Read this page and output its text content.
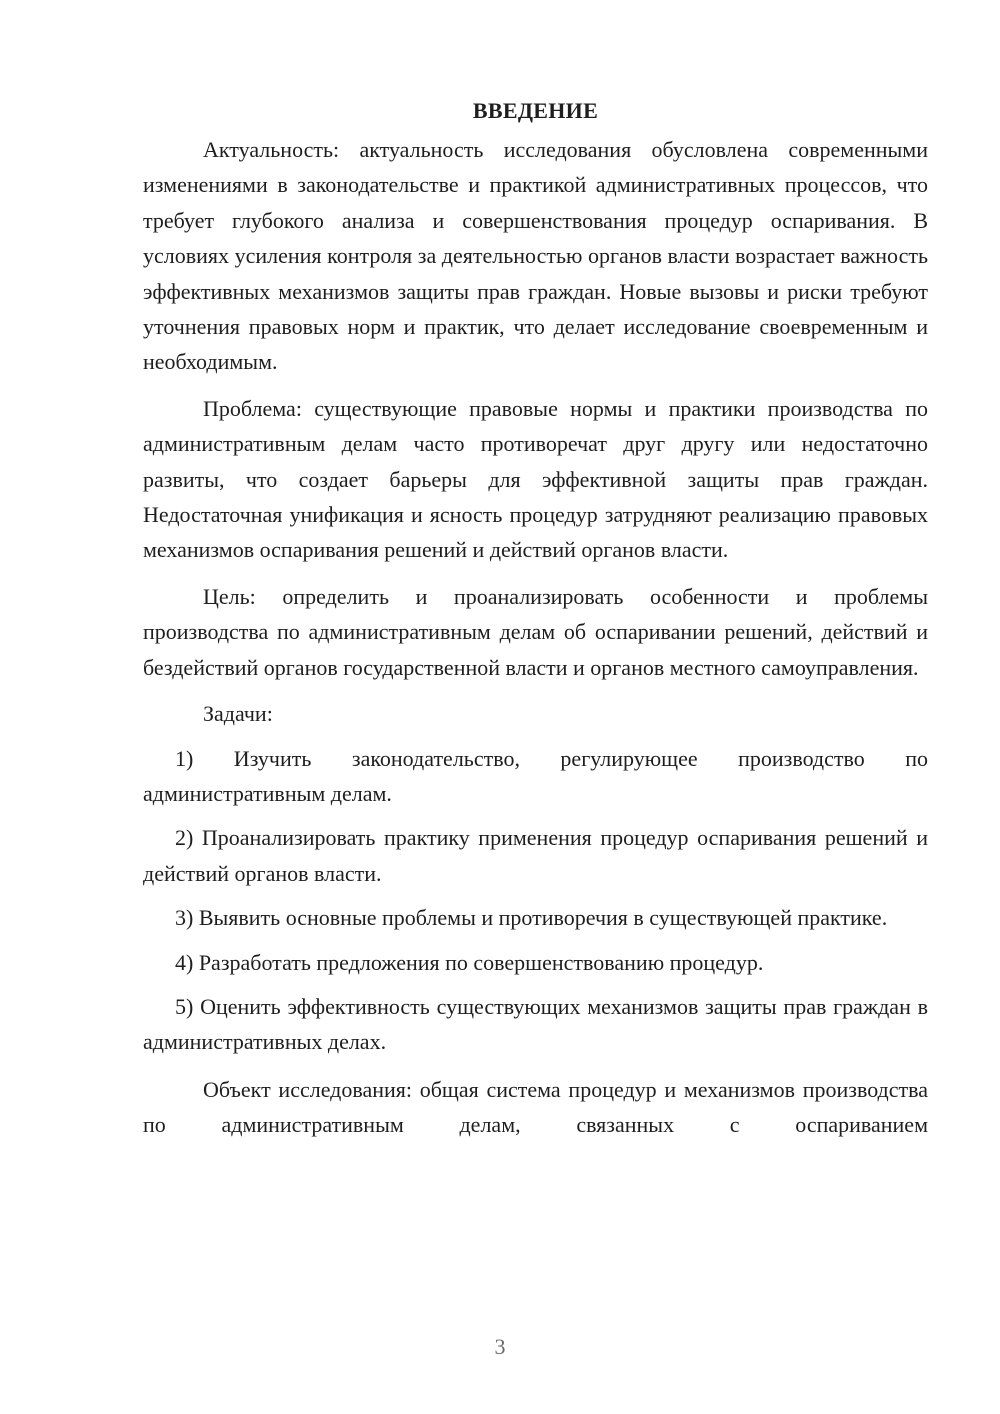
ВВЕДЕНИЕ

Актуальность: актуальность исследования обусловлена современными изменениями в законодательстве и практикой административных процессов, что требует глубокого анализа и совершенствования процедур оспаривания. В условиях усиления контроля за деятельностью органов власти возрастает важность эффективных механизмов защиты прав граждан. Новые вызовы и риски требуют уточнения правовых норм и практик, что делает исследование своевременным и необходимым.

Проблема: существующие правовые нормы и практики производства по административным делам часто противоречат друг другу или недостаточно развиты, что создает барьеры для эффективной защиты прав граждан. Недостаточная унификация и ясность процедур затрудняют реализацию правовых механизмов оспаривания решений и действий органов власти.

Цель: определить и проанализировать особенности и проблемы производства по административным делам об оспаривании решений, действий и бездействий органов государственной власти и органов местного самоуправления.

Задачи:

1) Изучить законодательство, регулирующее производство по административным делам.

2) Проанализировать практику применения процедур оспаривания решений и действий органов власти.

3) Выявить основные проблемы и противоречия в существующей практике.

4) Разработать предложения по совершенствованию процедур.

5) Оценить эффективность существующих механизмов защиты прав граждан в административных делах.

Объект исследования: общая система процедур и механизмов производства по административным делам, связанных с оспариванием

3
